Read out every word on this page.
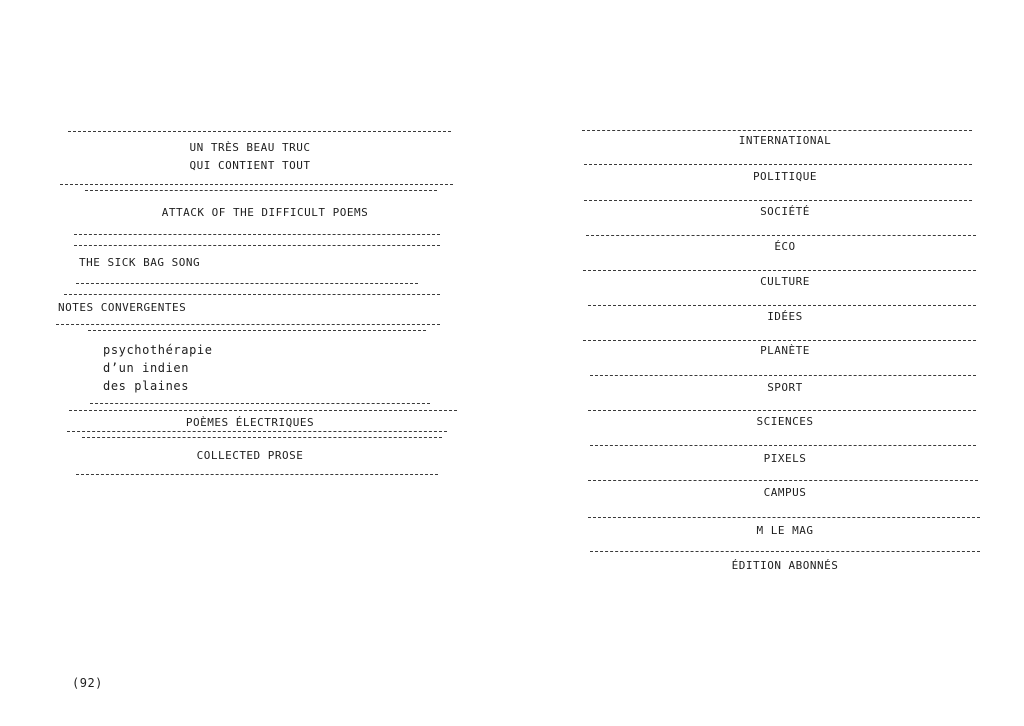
UN TRÈS BEAU TRUC
QUI CONTIENT TOUT
ATTACK OF THE DIFFICULT POEMS
THE SICK BAG SONG
NOTES CONVERGENTES
psychothérapie
d’un indien
des plaines
POÈMES ÉLECTRIQUES
COLLECTED PROSE
(92)
INTERNATIONAL
POLITIQUE
SOCIÉTÉ
ÉCO
CULTURE
IDÉES
PLANÈTE
SPORT
SCIENCES
PIXELS
CAMPUS
M LE MAG
ÉDITION ABONNÉS
